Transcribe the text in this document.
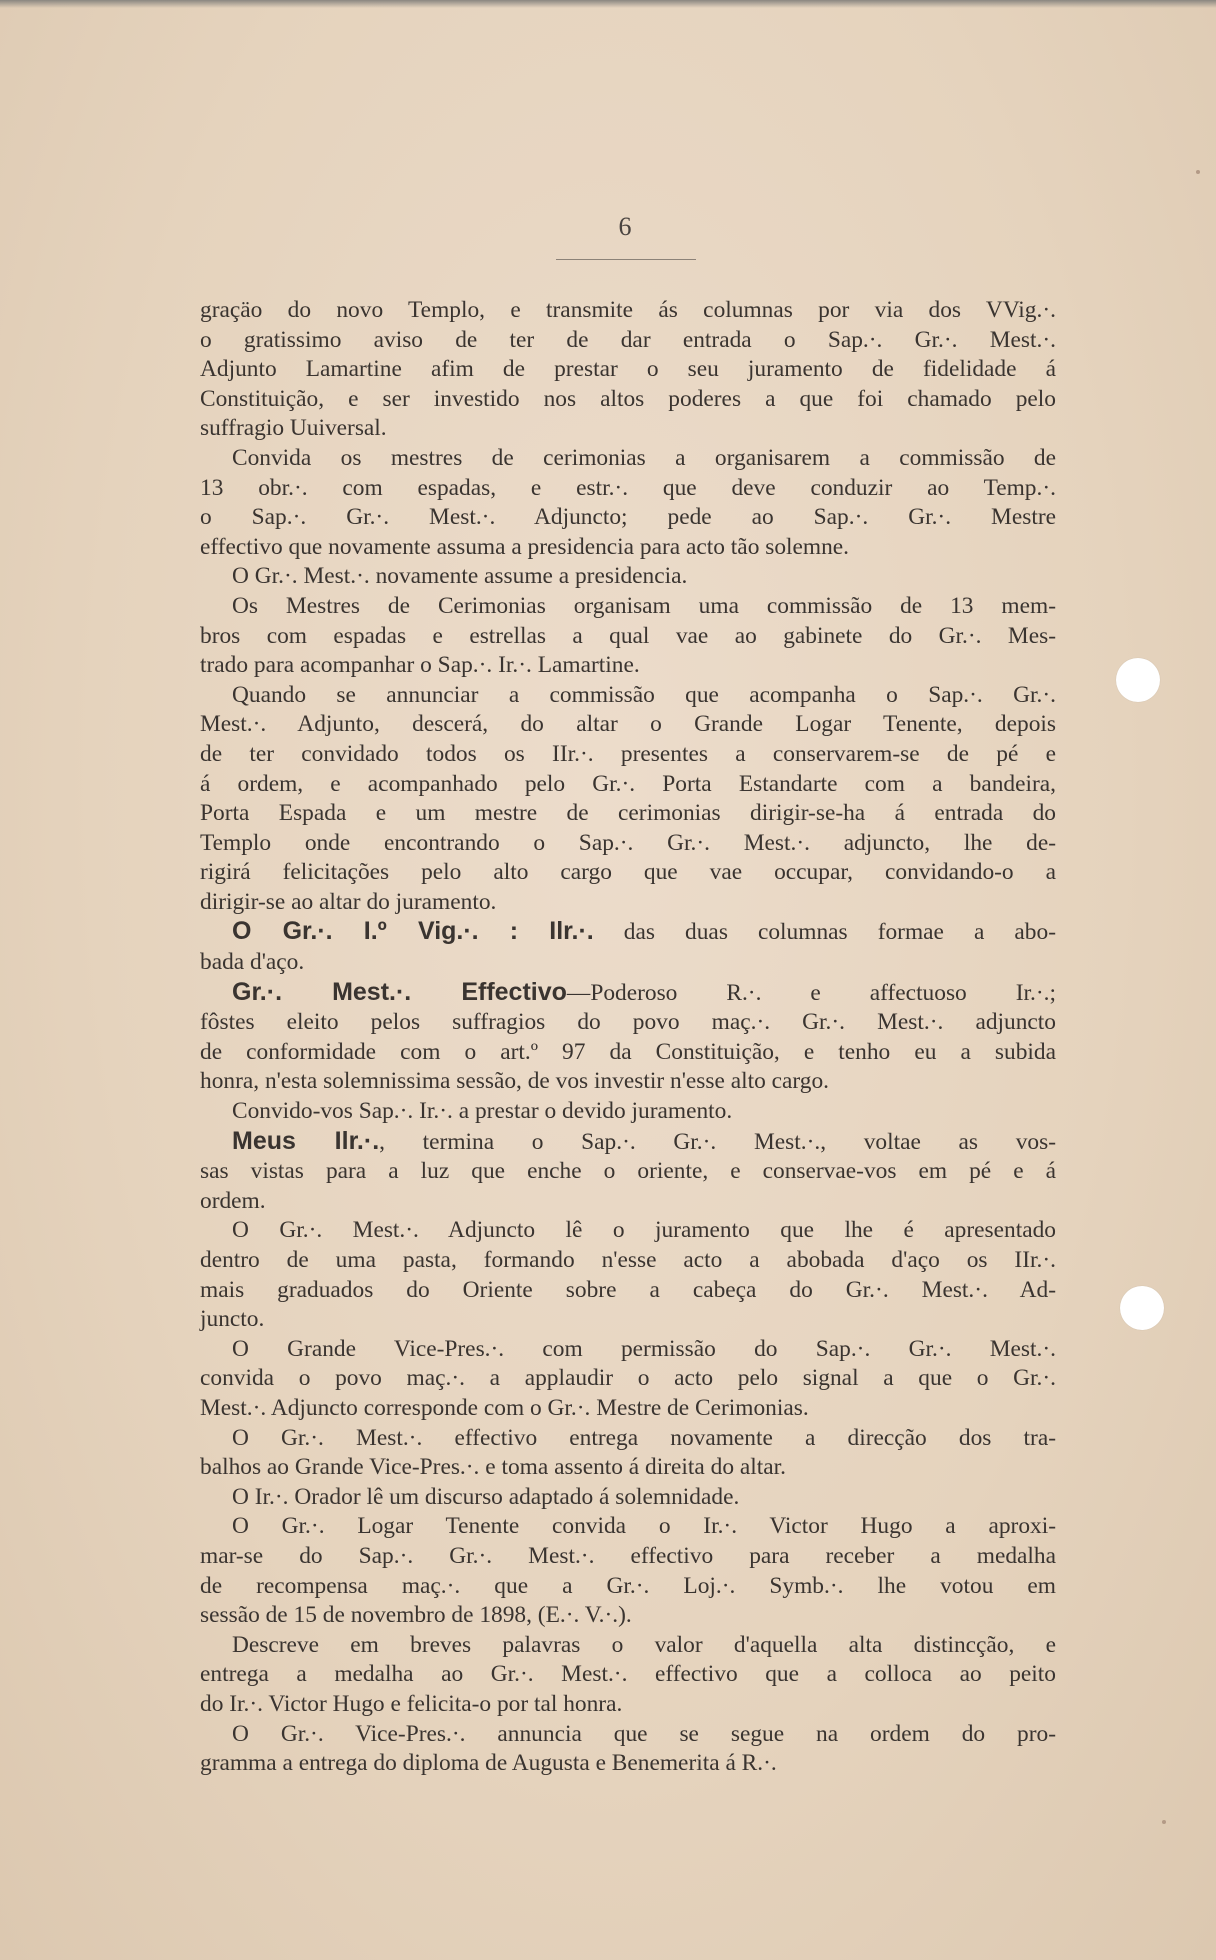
6
graçäo do novo Templo, e transmite ás columnas por via dos VVig.·.
o gratissimo aviso de ter de dar entrada o Sap.·. Gr.·. Mest.·.
Adjunto Lamartine afim de prestar o seu juramento de fidelidade á
Constituição, e ser investido nos altos poderes a que foi chamado pelo
suffragio Uuiversal.
Convida os mestres de cerimonias a organisarem a commissão de
13 obr.·. com espadas, e estr.·. que deve conduzir ao Temp.·.
o Sap.·. Gr.·. Mest.·. Adjuncto; pede ao Sap.·. Gr.·. Mestre
effectivo que novamente assuma a presidencia para acto tão solemne.
O Gr.·. Mest.·. novamente assume a presidencia.
Os Mestres de Cerimonias organisam uma commissão de 13 mem-
bros com espadas e estrellas a qual vae ao gabinete do Gr.·. Mes-
trado para acompanhar o Sap.·. Ir.·. Lamartine.
Quando se annunciar a commissão que acompanha o Sap.·. Gr.·.
Mest.·. Adjunto, descerá, do altar o Grande Logar Tenente, depois
de ter convidado todos os IIr.·. presentes a conservarem-se de pé e
á ordem, e acompanhado pelo Gr.·. Porta Estandarte com a bandeira,
Porta Espada e um mestre de cerimonias dirigir-se-ha á entrada do
Templo onde encontrando o Sap.·. Gr.·. Mest.·. adjuncto, lhe de-
rigirá felicitações pelo alto cargo que vae occupar, convidando-o a
dirigir-se ao altar do juramento.
O Gr.·. I.º Vig.·. : Ilr.·. das duas columnas formae a abo-
bada d'aço.
Gr.·. Mest.·. Effectivo—Poderoso R.·. e affectuoso Ir.·.;
fôstes eleito pelos suffragios do povo maç.·. Gr.·. Mest.·. adjuncto
de conformidade com o art.º 97 da Constituição, e tenho eu a subida
honra, n'esta solemnissima sessão, de vos investir n'esse alto cargo.
Convido-vos Sap.·. Ir.·. a prestar o devido juramento.
Meus Ilr.·., termina o Sap.·. Gr.·. Mest.·., voltae as vos-
sas vistas para a luz que enche o oriente, e conservae-vos em pé e á
ordem.
O Gr.·. Mest.·. Adjuncto lê o juramento que lhe é apresentado
dentro de uma pasta, formando n'esse acto a abobada d'aço os IIr.·.
mais graduados do Oriente sobre a cabeça do Gr.·. Mest.·. Ad-
juncto.
O Grande Vice-Pres.·. com permissão do Sap.·. Gr.·. Mest.·.
convida o povo maç.·. a applaudir o acto pelo signal a que o Gr.·.
Mest.·. Adjuncto corresponde com o Gr.·. Mestre de Cerimonias.
O Gr.·. Mest.·. effectivo entrega novamente a direcção dos tra-
balhos ao Grande Vice-Pres.·. e toma assento á direita do altar.
O Ir.·. Orador lê um discurso adaptado á solemnidade.
O Gr.·. Logar Tenente convida o Ir.·. Victor Hugo a aproxi-
mar-se do Sap.·. Gr.·. Mest.·. effectivo para receber a medalha
de recompensa maç.·. que a Gr.·. Loj.·. Symb.·. lhe votou em
sessão de 15 de novembro de 1898, (E.·. V.·.).
Descreve em breves palavras o valor d'aquella alta distincção, e
entrega a medalha ao Gr.·. Mest.·. effectivo que a colloca ao peito
do Ir.·. Victor Hugo e felicita-o por tal honra.
O Gr.·. Vice-Pres.·. annuncia que se segue na ordem do pro-
gramma a entrega do diploma de Augusta e Benemerita á R.·.
